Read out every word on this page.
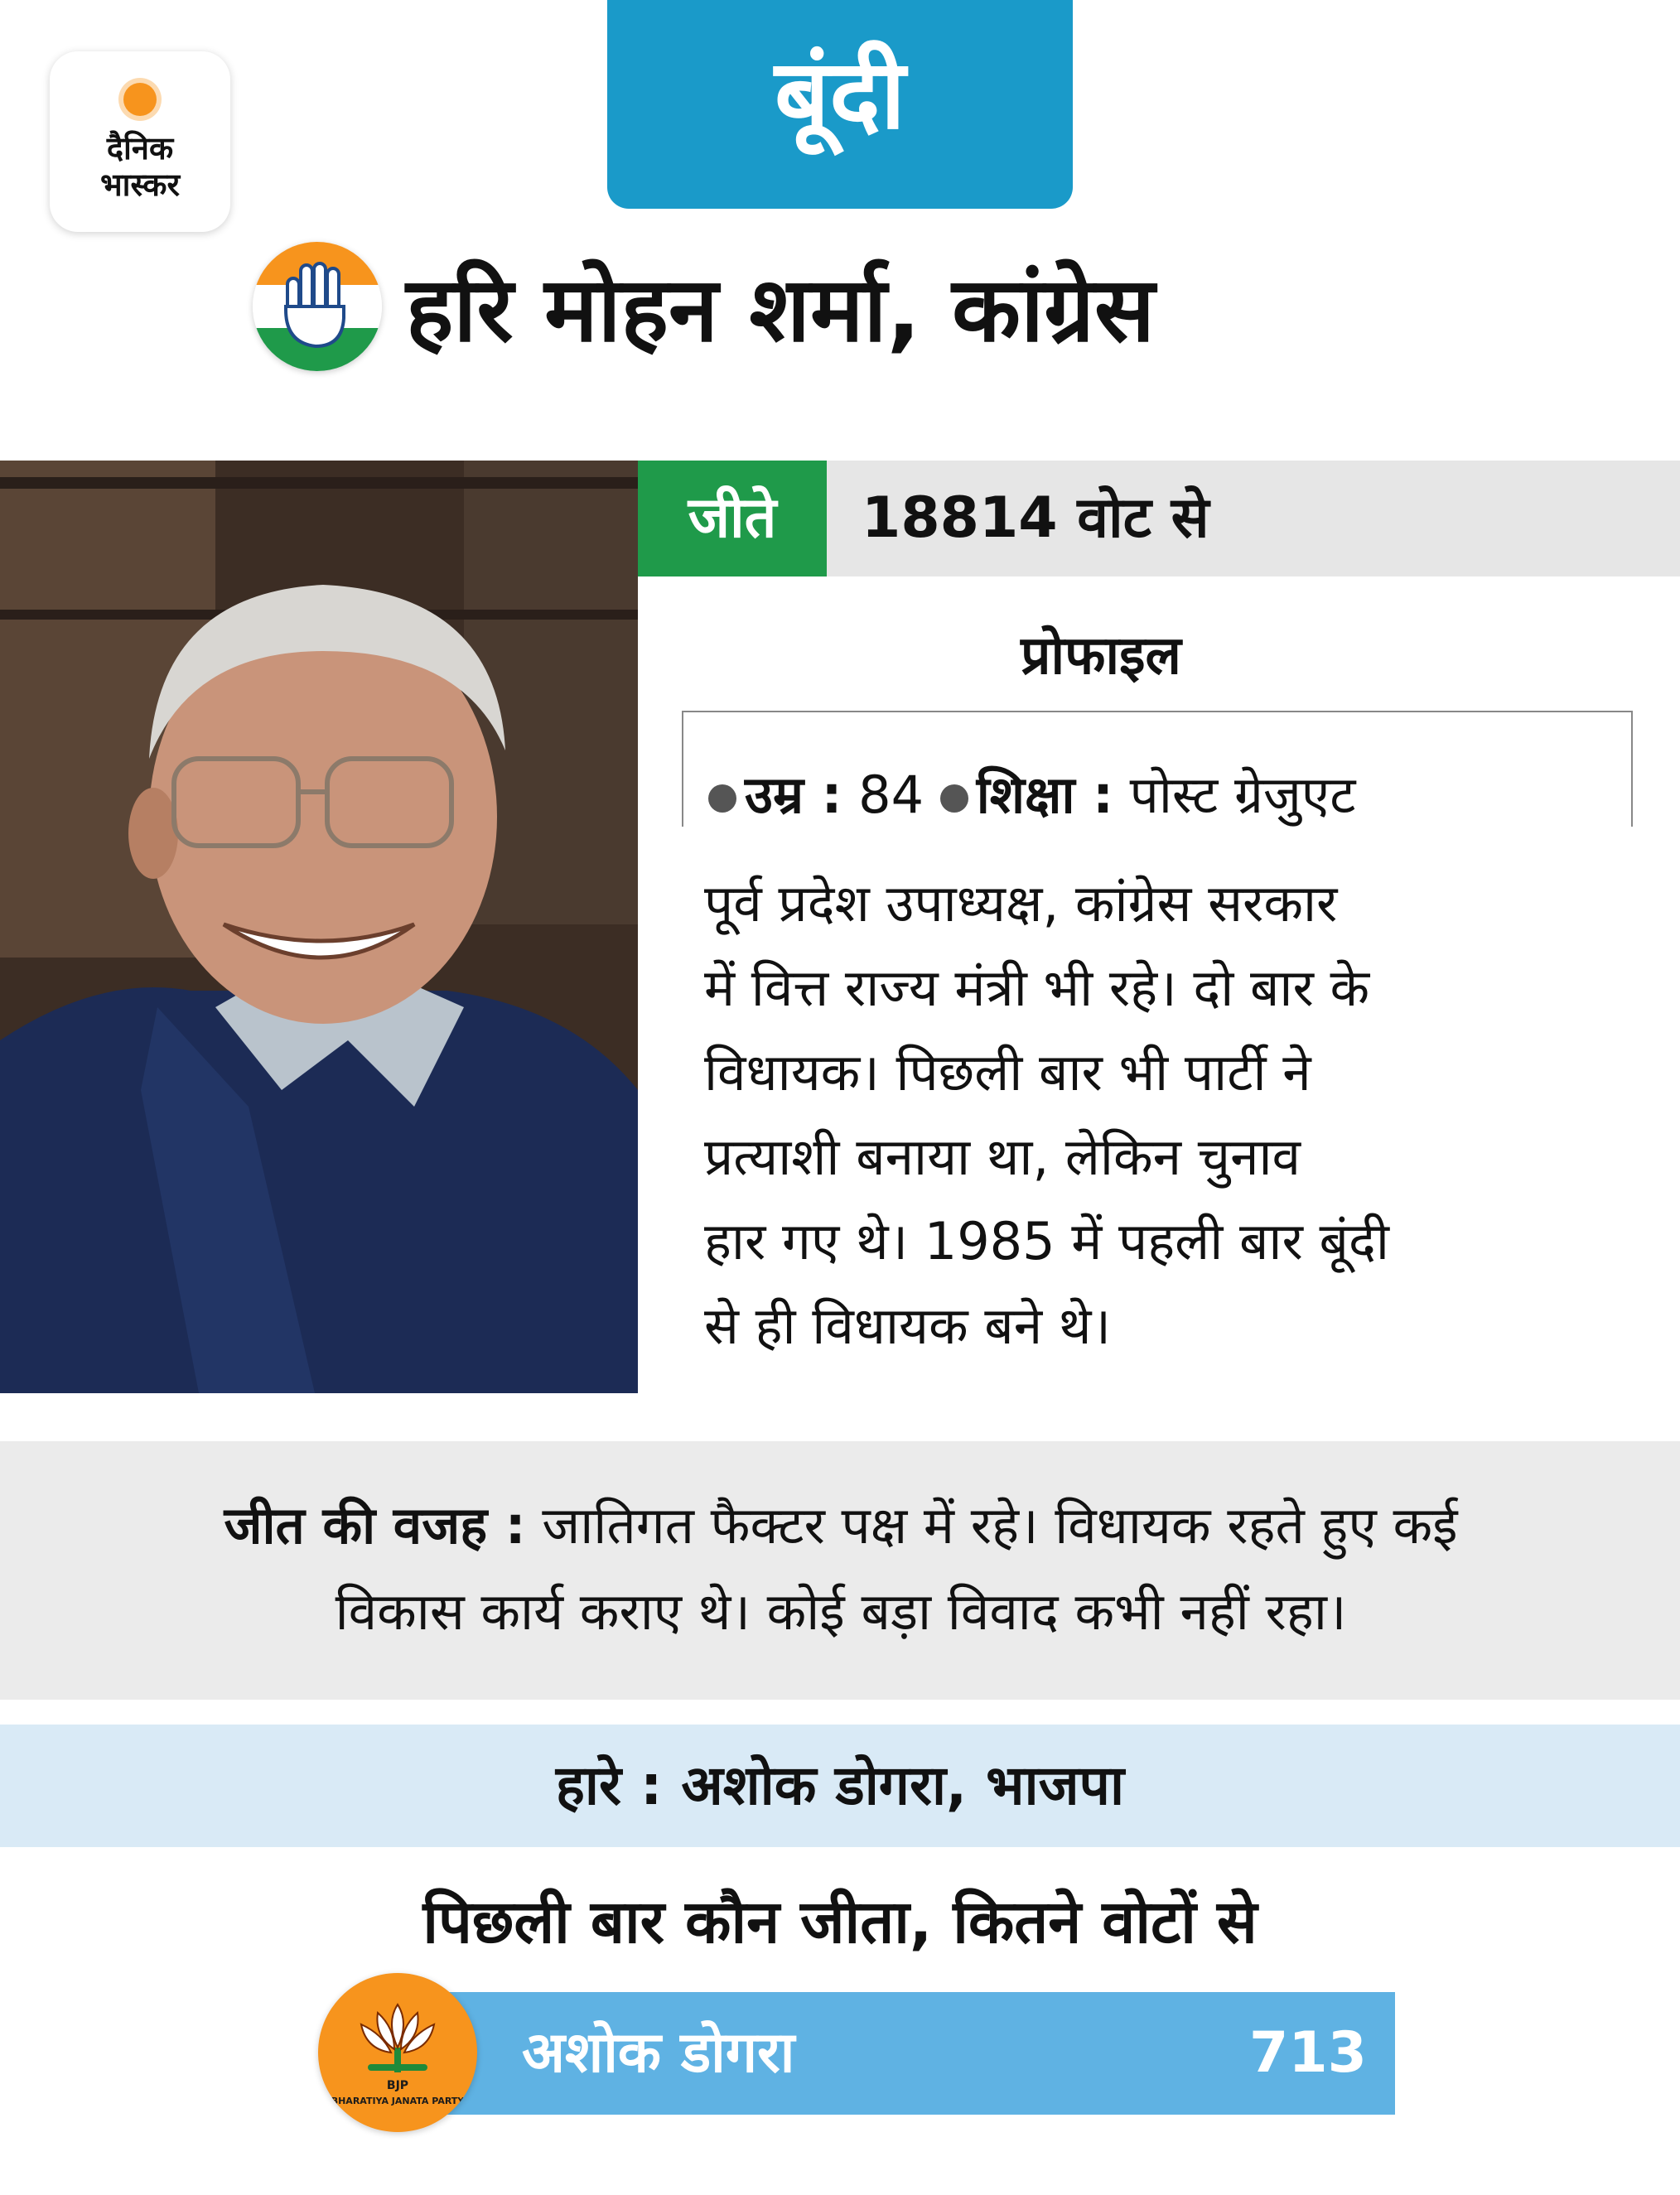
दैनिक
भास्कर
बूंदी
हरि मोहन शर्मा, कांग्रेस
जीते	18814 वोट से
प्रोफाइल
उम्र : 84 शिक्षा : पोस्ट ग्रेजुएट
पूर्व प्रदेश उपाध्यक्ष, कांग्रेस सरकार
में वित्त राज्य मंत्री भी रहे। दो बार के
विधायक। पिछली बार भी पार्टी ने
प्रत्याशी बनाया था, लेकिन चुनाव
हार गए थे। 1985 में पहली बार बूंदी
से ही विधायक बने थे।
जीत की वजह : जातिगत फैक्टर पक्ष में रहे। विधायक रहते हुए कई
विकास कार्य कराए थे। कोई बड़ा विवाद कभी नहीं रहा।
हारे : अशोक डोगरा, भाजपा
पिछली बार कौन जीता, कितने वोटों से
अशोक डोगरा	713
BJP
BHARATIYA JANATA PARTY
